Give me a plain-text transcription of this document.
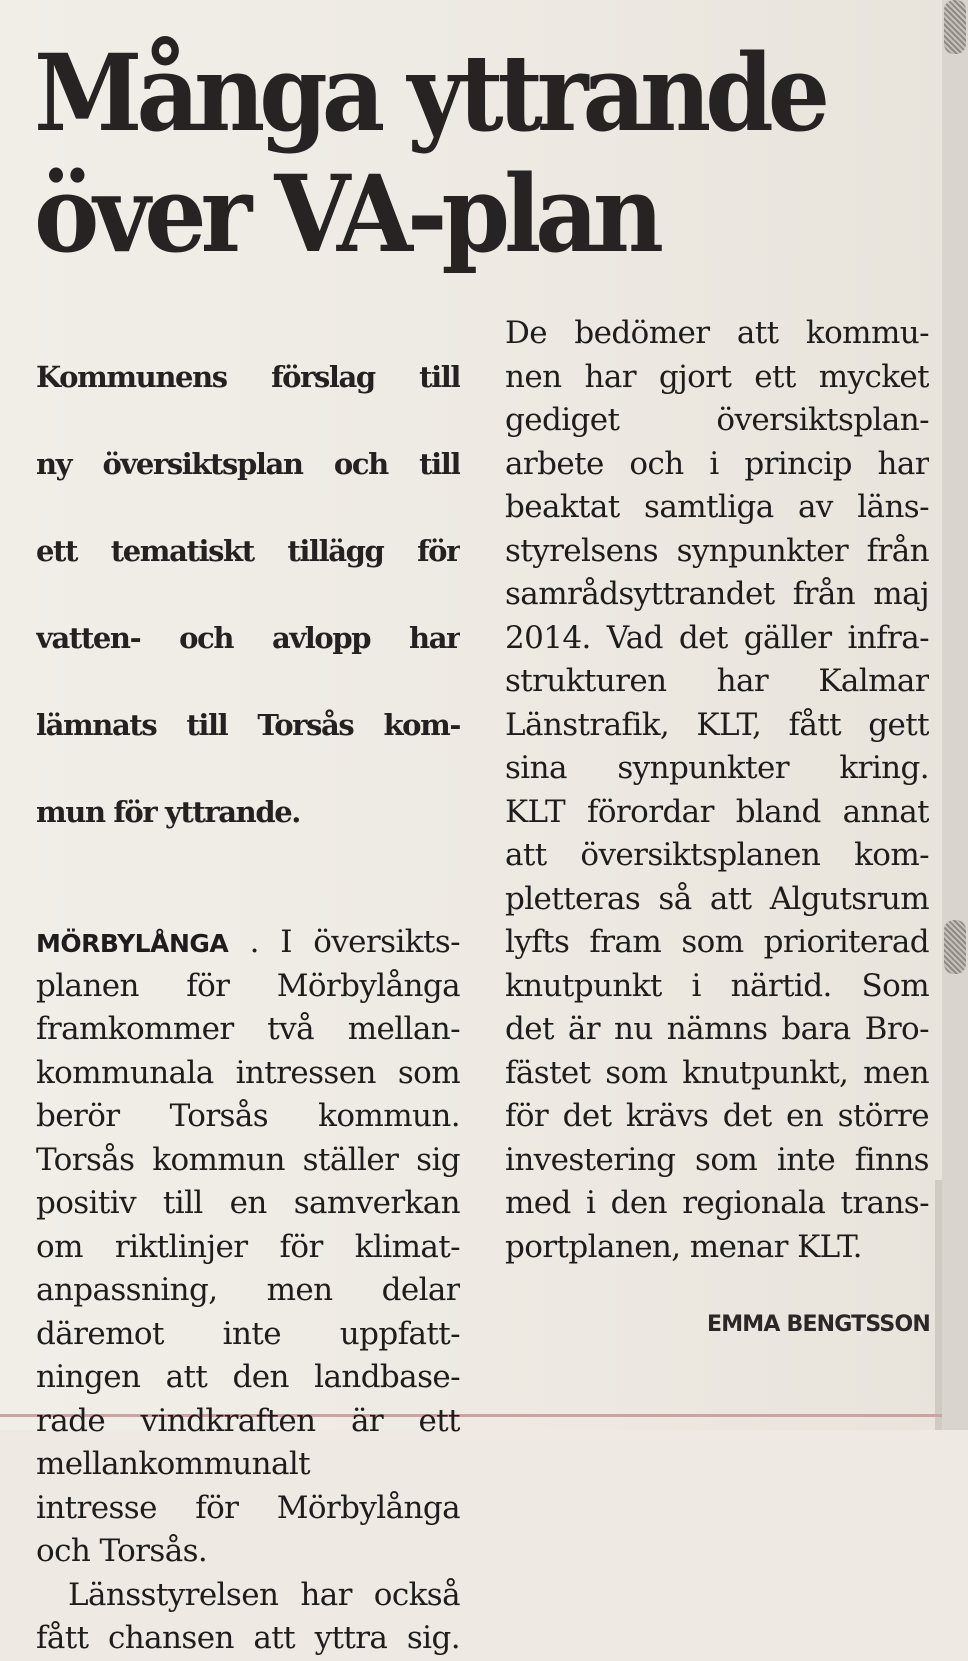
Många yttrande över VA-plan

Kommunens förslag till

ny översiktsplan och till

ett tematiskt tillägg för

vatten- och avlopp har

lämnats till Torsås kom-

mun för yttrande.

MÖRBYLÅNGA . I översikts-
planen för Mörbylånga
framkommer två mellan-
kommunala intressen som
berör Torsås kommun.
Torsås kommun ställer sig
positiv till en samverkan
om riktlinjer för klimat-
anpassning, men delar
däremot inte uppfatt-
ningen att den landbase-
rade vindkraften är ett
mellankommunalt
intresse för Mörbylånga
och Torsås.
Länsstyrelsen har också
fått chansen att yttra sig.
De bedömer att kommu-
nen har gjort ett mycket
gediget översiktsplan-
arbete och i princip har
beaktat samtliga av läns-
styrelsens synpunkter från
samrådsyttrandet från maj
2014. Vad det gäller infra-
strukturen har Kalmar
Länstrafik, KLT, fått gett
sina synpunkter kring.
KLT förordar bland annat
att översiktsplanen kom-
pletteras så att Algutsrum
lyfts fram som prioriterad
knutpunkt i närtid. Som
det är nu nämns bara Bro-
fästet som knutpunkt, men
för det krävs det en större
investering som inte finns
med i den regionala trans-
portplanen, menar KLT.
EMMA BENGTSSON
